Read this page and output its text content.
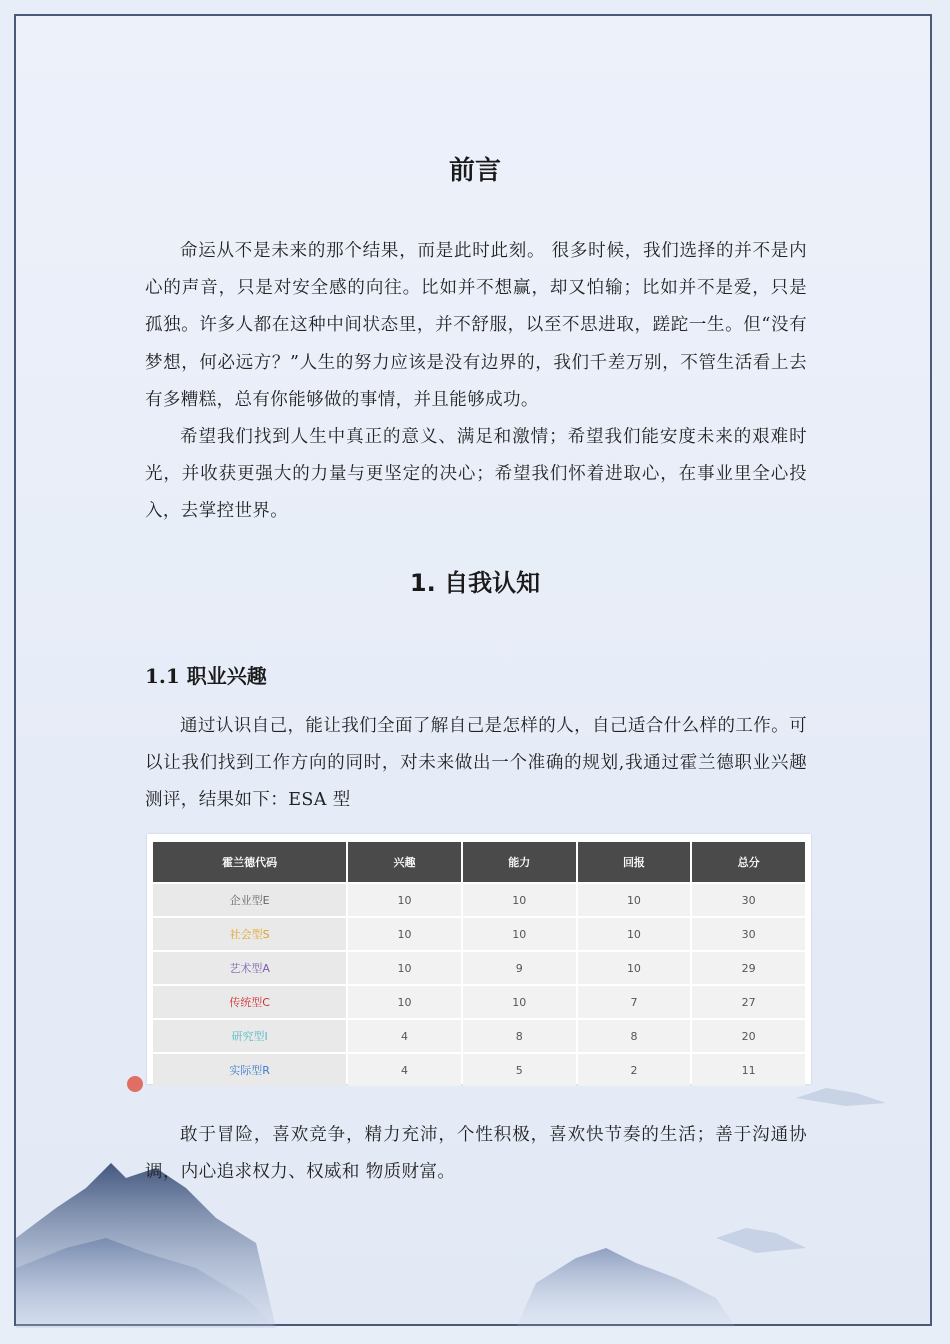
前言

命运从不是未来的那个结果，而是此时此刻。 很多时候，我们选择的并不是内心的声音，只是对安全感的向往。比如并不想赢，却又怕输；比如并不是爱，只是孤独。许多人都在这种中间状态里，并不舒服，以至不思进取，蹉跎一生。但“没有梦想，何必远方？”人生的努力应该是没有边界的，我们千差万别，不管生活看上去有多糟糕，总有你能够做的事情，并且能够成功。

希望我们找到人生中真正的意义、满足和激情；希望我们能安度未来的艰难时光，并收获更强大的力量与更坚定的决心；希望我们怀着进取心，在事业里全心投入，去掌控世界。

1. 自我认知
1.1 职业兴趣

通过认识自己，能让我们全面了解自己是怎样的人，自己适合什么样的工作。可以让我们找到工作方向的同时，对未来做出一个准确的规划,我通过霍兰德职业兴趣测评，结果如下：ESA 型

霍兰德代码	兴趣	能力	回报	总分
企业型E	10	10	10	30
社会型S	10	10	10	30
艺术型A	10	9	10	29
传统型C	10	10	7	27
研究型I	4	8	8	20
实际型R	4	5	2	11

敢于冒险，喜欢竞争，精力充沛，个性积极，喜欢快节奏的生活；善于沟通协调，内心追求权力、权威和 物质财富。
